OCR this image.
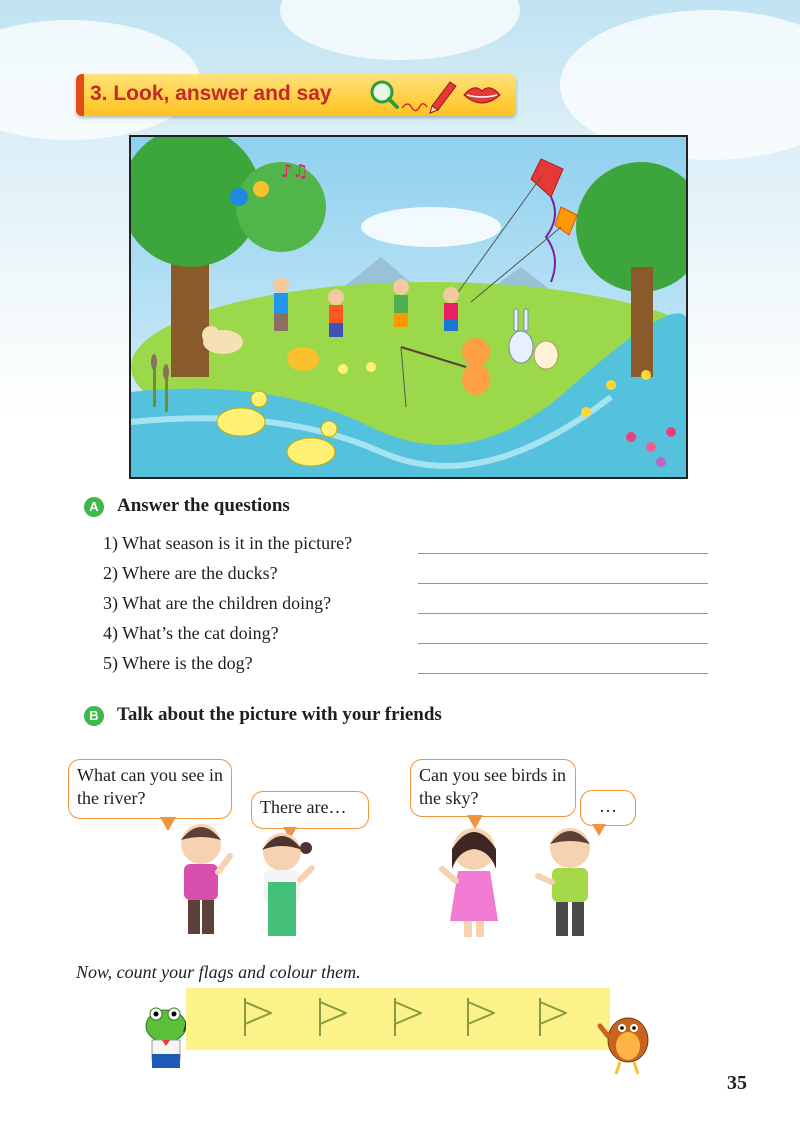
3. Look, answer and say
♪♫
A Answer the questions
1) What season is it in the picture?
2) Where are the ducks?
3) What are the children doing?
4) What’s the cat doing?
5) Where is the dog?
B Talk about the picture with your friends
What can you see in the river?	There are…
Can you see birds in the sky?	…
Now, count your flags and colour them.
35
